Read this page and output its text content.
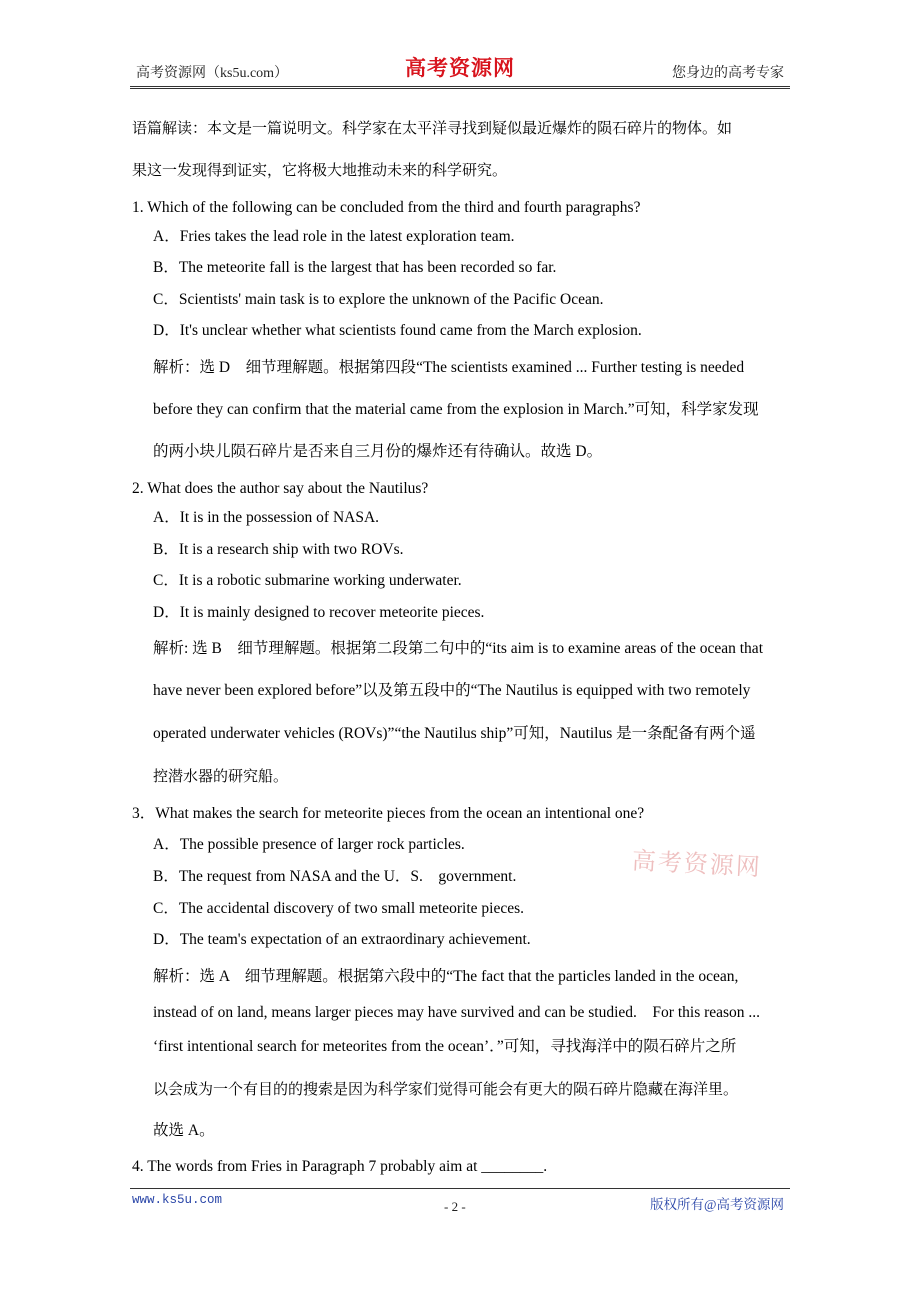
高考资源网（ks5u.com）	高考资源网	您身边的高考专家
语篇解读：本文是一篇说明文。科学家在太平洋寻找到疑似最近爆炸的陨石碎片的物体。如
果这一发现得到证实，它将极大地推动未来的科学研究。
1. Which of the following can be concluded from the third and fourth paragraphs?
A．Fries takes the lead role in the latest exploration team.
B．The meteorite fall is the largest that has been recorded so far.
C．Scientists' main task is to explore the unknown of the Pacific Ocean.
D．It's unclear whether what scientists found came from the March explosion.
解析：选 D　细节理解题。根据第四段“The scientists examined ... Further testing is needed
before they can confirm that the material came from the explosion in March.”可知，科学家发现
的两小块儿陨石碎片是否来自三月份的爆炸还有待确认。故选 D。
2. What does the author say about the Nautilus?
A．It is in the possession of NASA.
B．It is a research ship with two ROVs.
C．It is a robotic submarine working underwater.
D．It is mainly designed to recover meteorite pieces.
解析: 选 B　细节理解题。根据第二段第二句中的“its aim is to examine areas of the ocean that
have never been explored before”以及第五段中的“The Nautilus is equipped with two remotely
operated underwater vehicles (ROVs)”“the Nautilus ship”可知，Nautilus 是一条配备有两个遥
控潜水器的研究船。
3．What makes the search for meteorite pieces from the ocean an intentional one?
A．The possible presence of larger rock particles.
B．The request from NASA and the U．S.　government.
C．The accidental discovery of two small meteorite pieces.
D．The team's expectation of an extraordinary achievement.
解析：选 A　细节理解题。根据第六段中的“The fact that the particles landed in the ocean,
instead of on land, means larger pieces may have survived and can be studied.　For this reason ...
‘first intentional search for meteorites from the ocean’．”可知，寻找海洋中的陨石碎片之所
以会成为一个有目的的搜索是因为科学家们觉得可能会有更大的陨石碎片隐藏在海洋里。
故选 A。
4. The words from Fries in Paragraph 7 probably aim at ________.
高考资源网
www.ks5u.com	- 2 -	版权所有@高考资源网
